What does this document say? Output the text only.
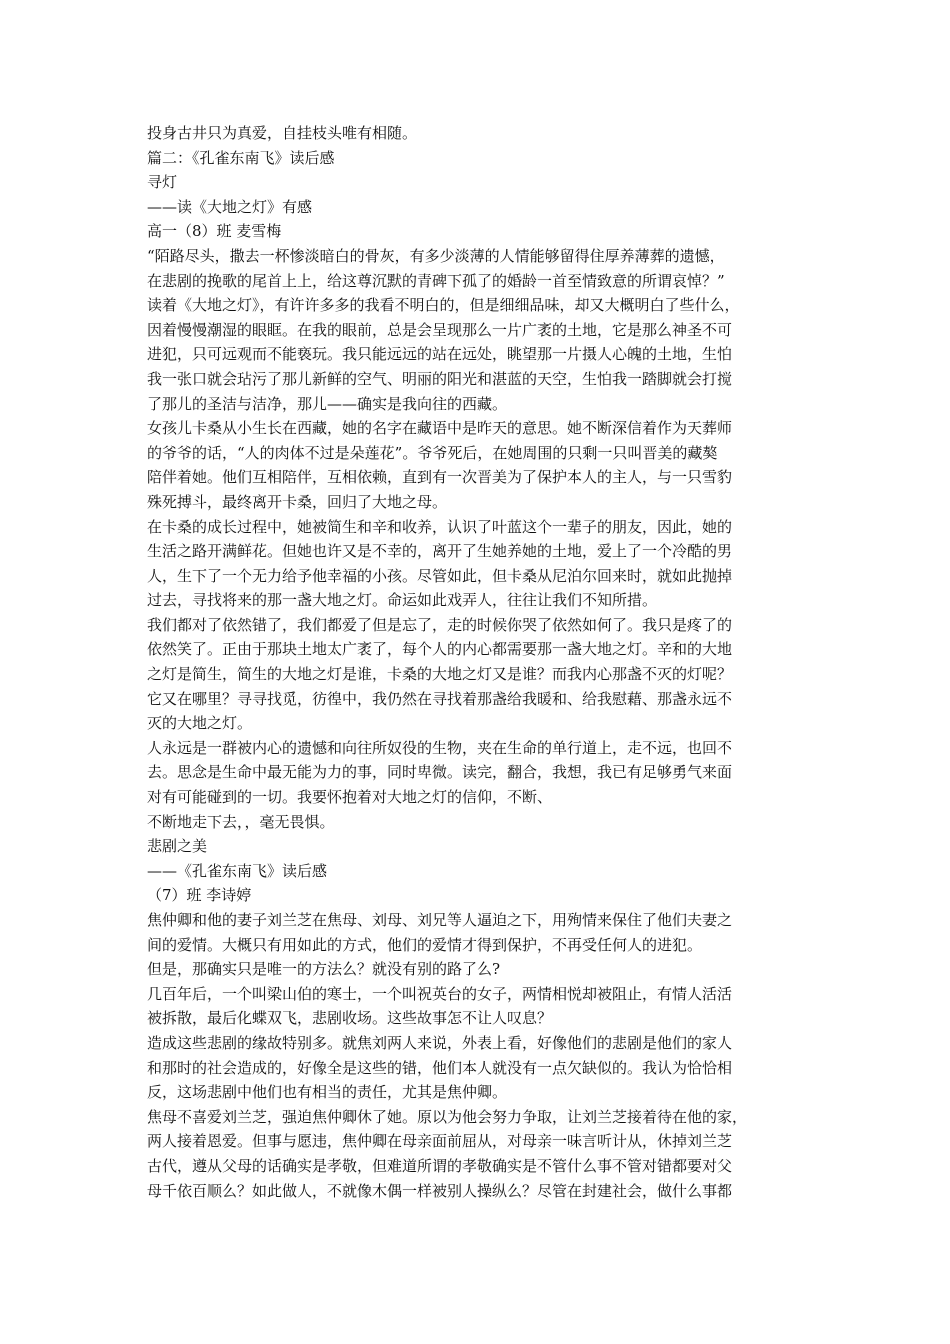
投身古井只为真爱，自挂枝头唯有相随。
篇二：《孔雀东南飞》读后感
寻灯
——读《大地之灯》有感
高一（8）班 麦雪梅
“陌路尽头，撒去一杯惨淡暗白的骨灰，有多少淡薄的人情能够留得住厚养薄葬的遗憾，
在悲剧的挽歌的尾首上上，给这尊沉默的青碑下孤了的婚龄一首至情致意的所谓哀悼？”
读着《大地之灯》，有许许多多的我看不明白的，但是细细品味，却又大概明白了些什么，
因着慢慢潮湿的眼眶。在我的眼前，总是会呈现那么一片广袤的土地，它是那么神圣不可
进犯，只可远观而不能亵玩。我只能远远的站在远处，眺望那一片摄人心魄的土地，生怕
我一张口就会玷污了那儿新鲜的空气、明丽的阳光和湛蓝的天空，生怕我一踏脚就会打搅
了那儿的圣洁与洁净，那儿——确实是我向往的西藏。
女孩儿卡桑从小生长在西藏，她的名字在藏语中是昨天的意思。她不断深信着作为天葬师
的爷爷的话，“人的肉体不过是朵莲花”。爷爷死后，在她周围的只剩一只叫晋美的藏獒
陪伴着她。他们互相陪伴，互相依赖，直到有一次晋美为了保护本人的主人，与一只雪豹
殊死搏斗，最终离开卡桑，回归了大地之母。
在卡桑的成长过程中，她被简生和辛和收养，认识了叶蓝这个一辈子的朋友，因此，她的
生活之路开满鲜花。但她也许又是不幸的，离开了生她养她的土地，爱上了一个冷酷的男
人，生下了一个无力给予他幸福的小孩。尽管如此，但卡桑从尼泊尔回来时，就如此抛掉
过去，寻找将来的那一盏大地之灯。命运如此戏弄人，往往让我们不知所措。
我们都对了依然错了，我们都爱了但是忘了，走的时候你哭了依然如何了。我只是疼了的
依然笑了。正由于那块土地太广袤了，每个人的内心都需要那一盏大地之灯。辛和的大地
之灯是简生，简生的大地之灯是谁，卡桑的大地之灯又是谁？而我内心那盏不灭的灯呢？
它又在哪里？寻寻找觅，彷徨中，我仍然在寻找着那盏给我暖和、给我慰藉、那盏永远不
灭的大地之灯。
人永远是一群被内心的遗憾和向往所奴役的生物，夹在生命的单行道上，走不远，也回不
去。思念是生命中最无能为力的事，同时卑微。读完，翻合，我想，我已有足够勇气来面
对有可能碰到的一切。我要怀抱着对大地之灯的信仰，不断、
不断地走下去，，毫无畏惧。
悲剧之美
——《孔雀东南飞》读后感
（7）班 李诗婷
焦仲卿和他的妻子刘兰芝在焦母、刘母、刘兄等人逼迫之下，用殉情来保住了他们夫妻之
间的爱情。大概只有用如此的方式，他们的爱情才得到保护，不再受任何人的进犯。
但是，那确实只是唯一的方法么？就没有别的路了么?
几百年后，一个叫梁山伯的寒士，一个叫祝英台的女子，两情相悦却被阻止，有情人活活
被拆散，最后化蝶双飞，悲剧收场。这些故事怎不让人叹息？
造成这些悲剧的缘故特别多。就焦刘两人来说，外表上看，好像他们的悲剧是他们的家人
和那时的社会造成的，好像全是这些的错，他们本人就没有一点欠缺似的。我认为恰恰相
反，这场悲剧中他们也有相当的责任，尤其是焦仲卿。
焦母不喜爱刘兰芝，强迫焦仲卿休了她。原以为他会努力争取，让刘兰芝接着待在他的家，
两人接着恩爱。但事与愿违，焦仲卿在母亲面前屈从，对母亲一味言听计从，休掉刘兰芝
古代，遵从父母的话确实是孝敬，但难道所谓的孝敬确实是不管什么事不管对错都要对父
母千依百顺么？如此做人，不就像木偶一样被别人操纵么？尽管在封建社会，做什么事都
